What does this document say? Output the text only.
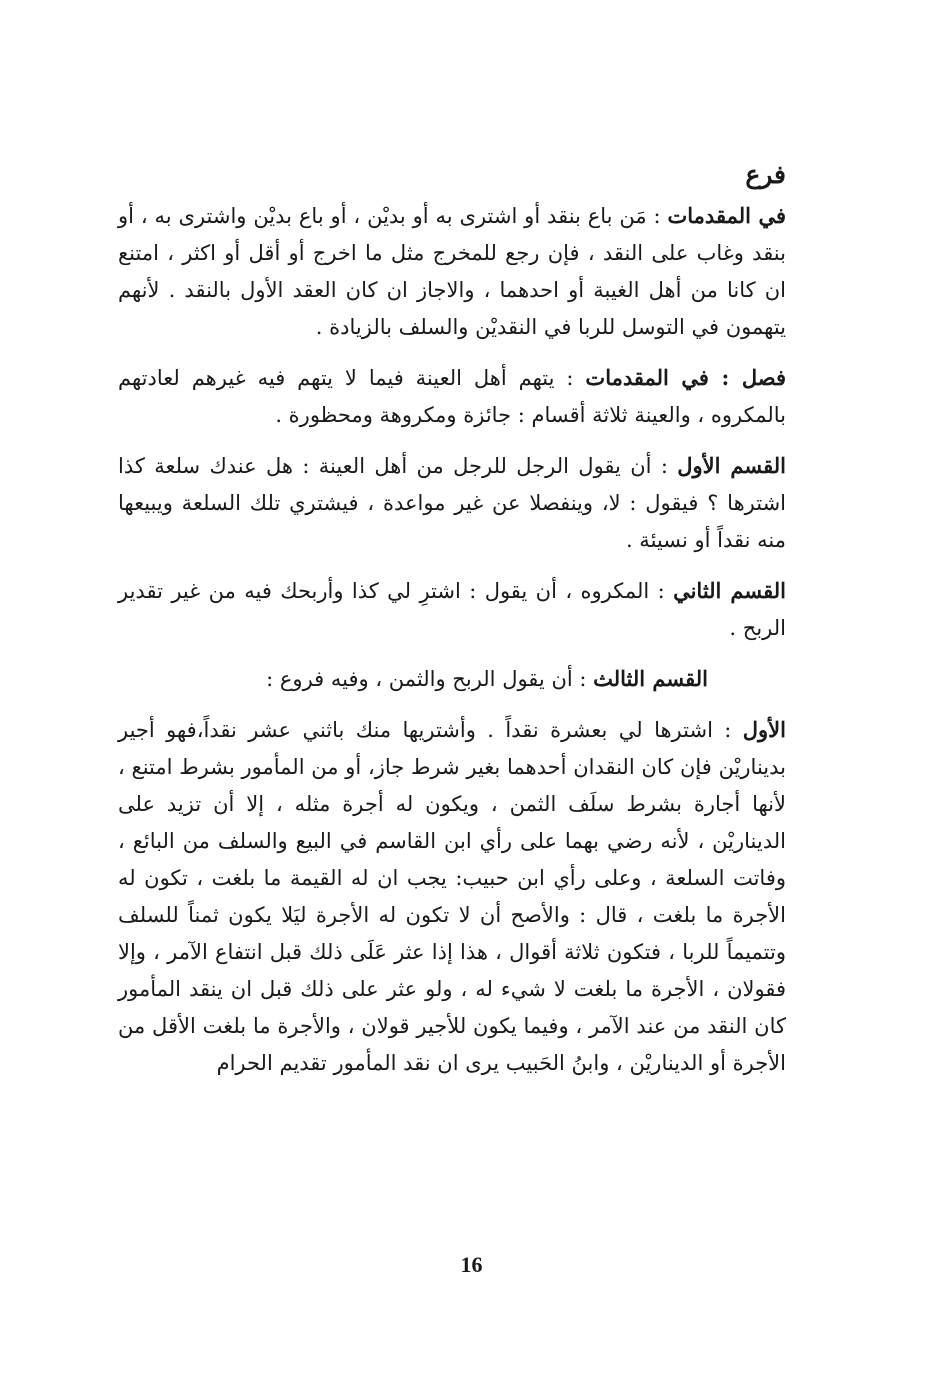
فرع

في المقدمات : مَن باع بنقد أو اشترى به أو بديْن ، أو باع بديْن واشترى به ، أو بنقد وغاب على النقد ، فإن رجع للمخرج مثل ما اخرج أو أقل أو اكثر ، امتنع ان كانا من أهل الغيبة أو احدهما ، والاجاز ان كان العقد الأول بالنقد . لأنهم يتهمون في التوسل للربا في النقديْن والسلف بالزيادة .

فصل : في المقدمات : يتهم أهل العينة فيما لا يتهم فيه غيرهم لعادتهم بالمكروه ، والعينة ثلاثة أقسام : جائزة ومكروهة ومحظورة .

القسم الأول : أن يقول الرجل للرجل من أهل العينة : هل عندك سلعة كذا اشترها ؟ فيقول : لا، وينفصلا عن غير مواعدة ، فيشتري تلك السلعة ويبيعها منه نقداً أو نسيئة .

القسم الثاني : المكروه ، أن يقول : اشترِ لي كذا وأربحك فيه من غير تقدير الربح .

القسم الثالث : أن يقول الربح والثمن ، وفيه فروع :

الأول : اشترها لي بعشرة نقداً . وأشتريها منك باثني عشر نقداً،فهو أجير بديناريْن فإن كان النقدان أحدهما بغير شرط جاز، أو من المأمور بشرط امتنع ، لأنها أجارة بشرط سلَف الثمن ، ويكون له أجرة مثله ، إلا أن تزيد على الديناريْن ، لأنه رضي بهما على رأي ابن القاسم في البيع والسلف من البائع ، وفاتت السلعة ، وعلى رأي ابن حبيب: يجب ان له القيمة ما بلغت ، تكون له الأجرة ما بلغت ، قال : والأصح أن لا تكون له الأجرة ليَلا يكون ثمناً للسلف وتتميماً للربا ، فتكون ثلاثة أقوال ، هذا إذا عثر عَلَى ذلك قبل انتفاع الآمر ، وإلا فقولان ، الأجرة ما بلغت لا شيء له ، ولو عثر على ذلك قبل ان ينقد المأمور كان النقد من عند الآمر ، وفيما يكون للأجير قولان ، والأجرة ما بلغت الأقل من الأجرة أو الديناريْن ، وابنُ الحَبيب يرى ان نقد المأمور تقديم الحرام

16
